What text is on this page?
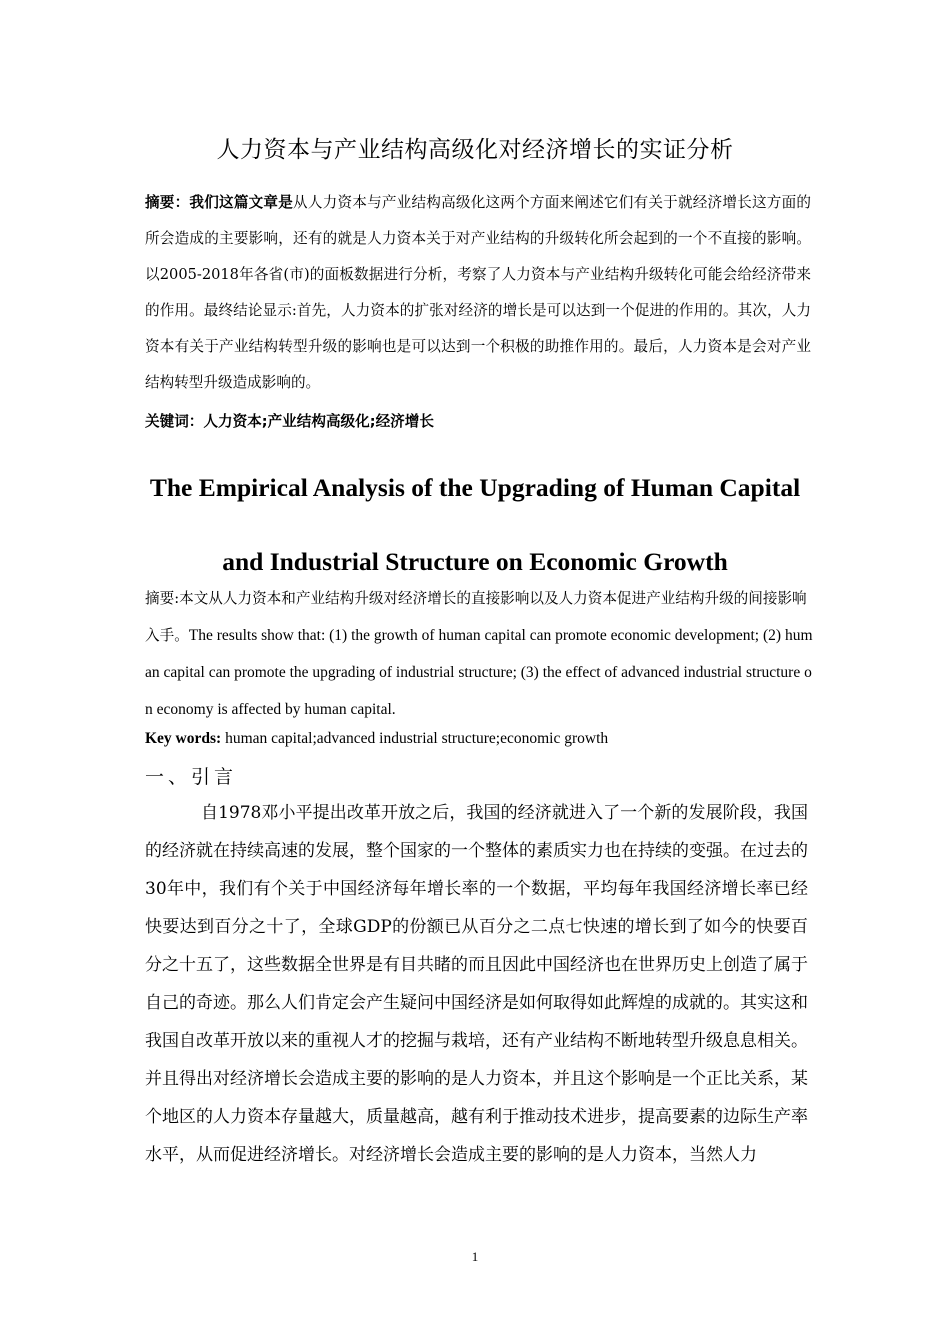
人力资本与产业结构高级化对经济增长的实证分析
摘要：我们这篇文章是从人力资本与产业结构高级化这两个方面来阐述它们有关于就经济增长这方面的所会造成的主要影响，还有的就是人力资本关于对产业结构的升级转化所会起到的一个不直接的影响。以2005-2018年各省(市)的面板数据进行分析，考察了人力资本与产业结构升级转化可能会给经济带来的作用。最终结论显示:首先，人力资本的扩张对经济的增长是可以达到一个促进的作用的。其次，人力资本有关于产业结构转型升级的影响也是可以达到一个积极的助推作用的。最后，人力资本是会对产业结构转型升级造成影响的。
关键词：人力资本;产业结构高级化;经济增长
The Empirical Analysis of the Upgrading of Human Capital
and Industrial Structure on Economic Growth
摘要:本文从人力资本和产业结构升级对经济增长的直接影响以及人力资本促进产业结构升级的间接影响入手。The results show that: (1) the growth of human capital can promote economic development; (2) human capital can promote the upgrading of industrial structure; (3) the effect of advanced industrial structure on economy is affected by human capital.
Key words: human capital;advanced industrial structure;economic growth
一、引言
自1978邓小平提出改革开放之后，我国的经济就进入了一个新的发展阶段，我国的经济就在持续高速的发展，整个国家的一个整体的素质实力也在持续的变强。在过去的30年中，我们有个关于中国经济每年增长率的一个数据，平均每年我国经济增长率已经快要达到百分之十了，全球GDP的份额已从百分之二点七快速的增长到了如今的快要百分之十五了，这些数据全世界是有目共睹的而且因此中国经济也在世界历史上创造了属于自己的奇迹。那么人们肯定会产生疑问中国经济是如何取得如此辉煌的成就的。其实这和我国自改革开放以来的重视人才的挖掘与栽培，还有产业结构不断地转型升级息息相关。并且得出对经济增长会造成主要的影响的是人力资本，并且这个影响是一个正比关系，某个地区的人力资本存量越大，质量越高，越有利于推动技术进步，提高要素的边际生产率水平，从而促进经济增长。对经济增长会造成主要的影响的是人力资本，当然人力
1
